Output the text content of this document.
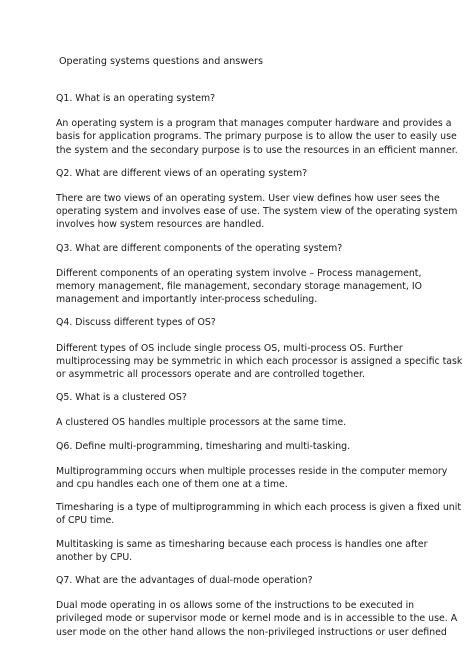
Operating systems questions and answers

Q1. What is an operating system?

An operating system is a program that manages computer hardware and provides a

basis for application programs. The primary purpose is to allow the user to easily use

the system and the secondary purpose is to use the resources in an efficient manner.

Q2. What are different views of an operating system?

There are two views of an operating system. User view defines how user sees the

operating system and involves ease of use. The system view of the operating system

involves how system resources are handled.

Q3. What are different components of the operating system?

Different components of an operating system involve – Process management,

memory management, file management, secondary storage management, IO

management and importantly inter-process scheduling.

Q4. Discuss different types of OS?

Different types of OS include single process OS, multi-process OS. Further

multiprocessing may be symmetric in which each processor is assigned a specific task

or asymmetric all processors operate and are controlled together.

Q5. What is a clustered OS?

A clustered OS handles multiple processors at the same time.

Q6. Define multi-programming, timesharing and multi-tasking.

Multiprogramming occurs when multiple processes reside in the computer memory

and cpu handles each one of them one at a time.

Timesharing is a type of multiprogramming in which each process is given a fixed unit

of CPU time.

Multitasking is same as timesharing because each process is handles one after

another by CPU.

Q7. What are the advantages of dual-mode operation?

Dual mode operating in os allows some of the instructions to be executed in

privileged mode or supervisor mode or kernel mode and is in accessible to the use. A

user mode on the other hand allows the non-privileged instructions or user defined
